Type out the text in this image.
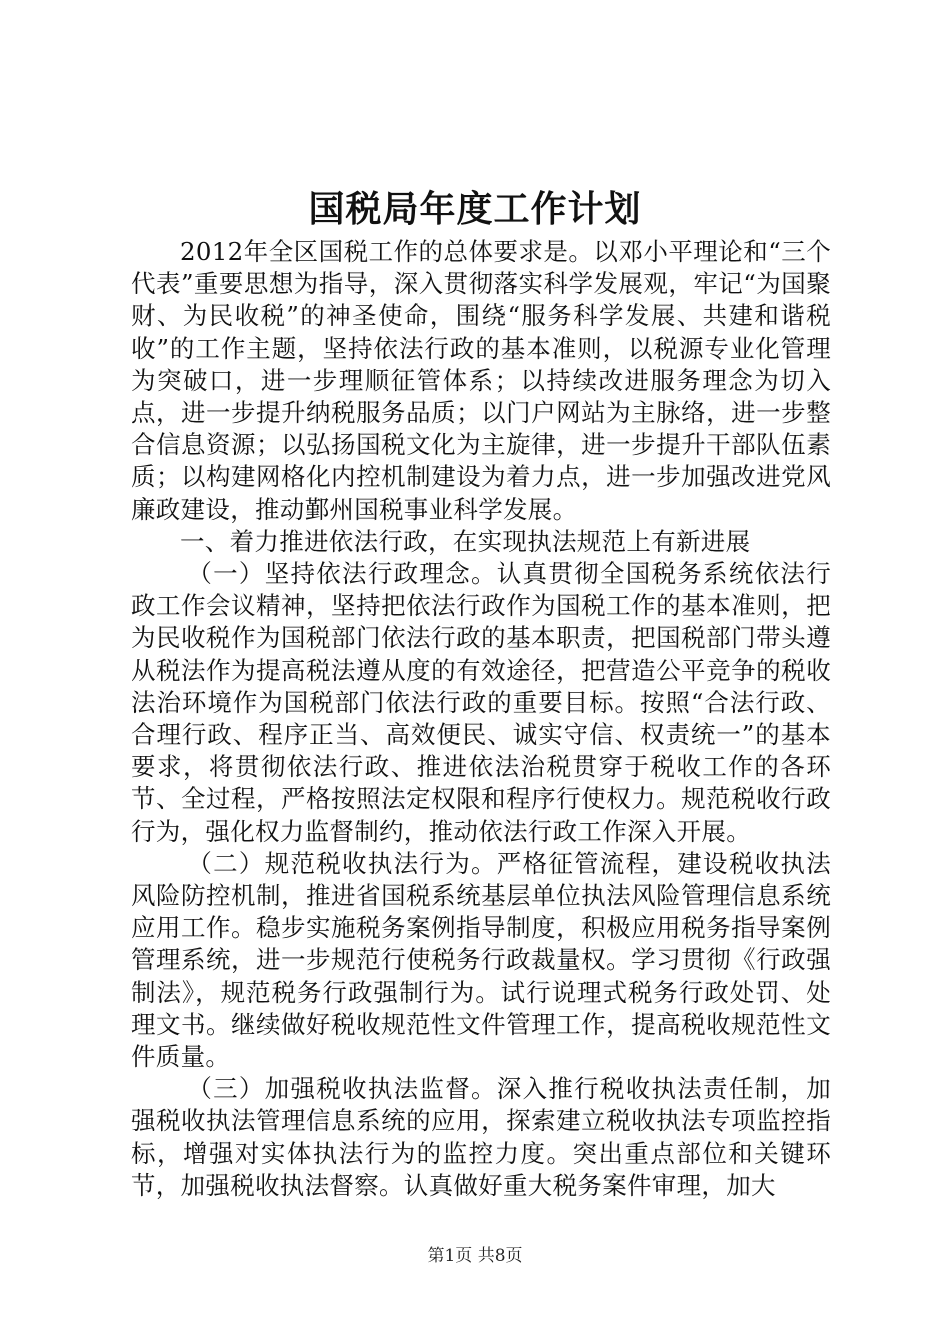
国税局年度工作计划

2012年全区国税工作的总体要求是。以邓小平理论和“三个代表”重要思想为指导，深入贯彻落实科学发展观，牢记“为国聚财、为民收税”的神圣使命，围绕“服务科学发展、共建和谐税收”的工作主题，坚持依法行政的基本准则，以税源专业化管理为突破口，进一步理顺征管体系；以持续改进服务理念为切入点，进一步提升纳税服务品质；以门户网站为主脉络，进一步整合信息资源；以弘扬国税文化为主旋律，进一步提升干部队伍素质；以构建网格化内控机制建设为着力点，进一步加强改进党风廉政建设，推动鄞州国税事业科学发展。

一、着力推进依法行政，在实现执法规范上有新进展

（一）坚持依法行政理念。认真贯彻全国税务系统依法行政工作会议精神，坚持把依法行政作为国税工作的基本准则，把为民收税作为国税部门依法行政的基本职责，把国税部门带头遵从税法作为提高税法遵从度的有效途径，把营造公平竞争的税收法治环境作为国税部门依法行政的重要目标。按照“合法行政、合理行政、程序正当、高效便民、诚实守信、权责统一”的基本要求，将贯彻依法行政、推进依法治税贯穿于税收工作的各环节、全过程，严格按照法定权限和程序行使权力。规范税收行政行为，强化权力监督制约，推动依法行政工作深入开展。

（二）规范税收执法行为。严格征管流程，建设税收执法风险防控机制，推进省国税系统基层单位执法风险管理信息系统应用工作。稳步实施税务案例指导制度，积极应用税务指导案例管理系统，进一步规范行使税务行政裁量权。学习贯彻《行政强制法》，规范税务行政强制行为。试行说理式税务行政处罚、处理文书。继续做好税收规范性文件管理工作，提高税收规范性文件质量。

（三）加强税收执法监督。深入推行税收执法责任制，加强税收执法管理信息系统的应用，探索建立税收执法专项监控指标，增强对实体执法行为的监控力度。突出重点部位和关键环节，加强税收执法督察。认真做好重大税务案件审理，加大

第1页 共8页
